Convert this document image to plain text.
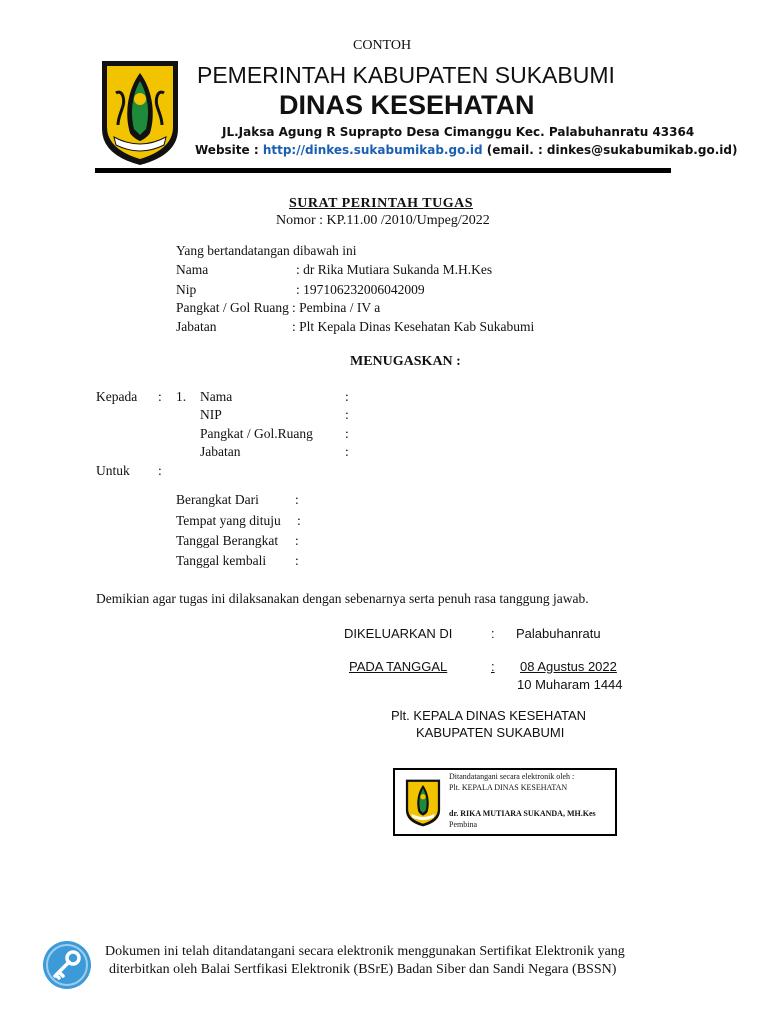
CONTOH
PEMERINTAH KABUPATEN SUKABUMI
DINAS KESEHATAN
JL.Jaksa Agung R Suprapto Desa Cimanggu Kec. Palabuhanratu 43364
Website : http://dinkes.sukabumikab.go.id (email. : dinkes@sukabumikab.go.id)
SURAT PERINTAH TUGAS
Nomor : KP.11.00 /2010/Umpeg/2022
Yang bertandatangan dibawah ini
Nama	: dr Rika Mutiara Sukanda M.H.Kes
Nip	: 197106232006042009
Pangkat / Gol Ruang : Pembina / IV a
Jabatan	: Plt Kepala Dinas Kesehatan Kab Sukabumi
MENUGASKAN :
Kepada : 1. Nama	:
NIP	:
Pangkat / Gol.Ruang :
Jabatan	:
Untuk :
Berangkat Dari	:
Tempat yang dituju :
Tanggal Berangkat :
Tanggal kembali :
Demikian agar tugas ini dilaksanakan dengan sebenarnya serta penuh rasa tanggung jawab.
DIKELUARKAN DI	: Palabuhanratu
PADA TANGGAL	: 08 Agustus 2022
10 Muharam 1444
Plt. KEPALA DINAS KESEHATAN
KABUPATEN SUKABUMI
Ditandatangani secara elektronik oleh :
Plt. KEPALA DINAS KESEHATAN
dr. RIKA MUTIARA SUKANDA, MH.Kes
Pembina
Dokumen ini telah ditandatangani secara elektronik menggunakan Sertifikat Elektronik yang
diterbitkan oleh Balai Sertfikasi Elektronik (BSrE) Badan Siber dan Sandi Negara (BSSN)
